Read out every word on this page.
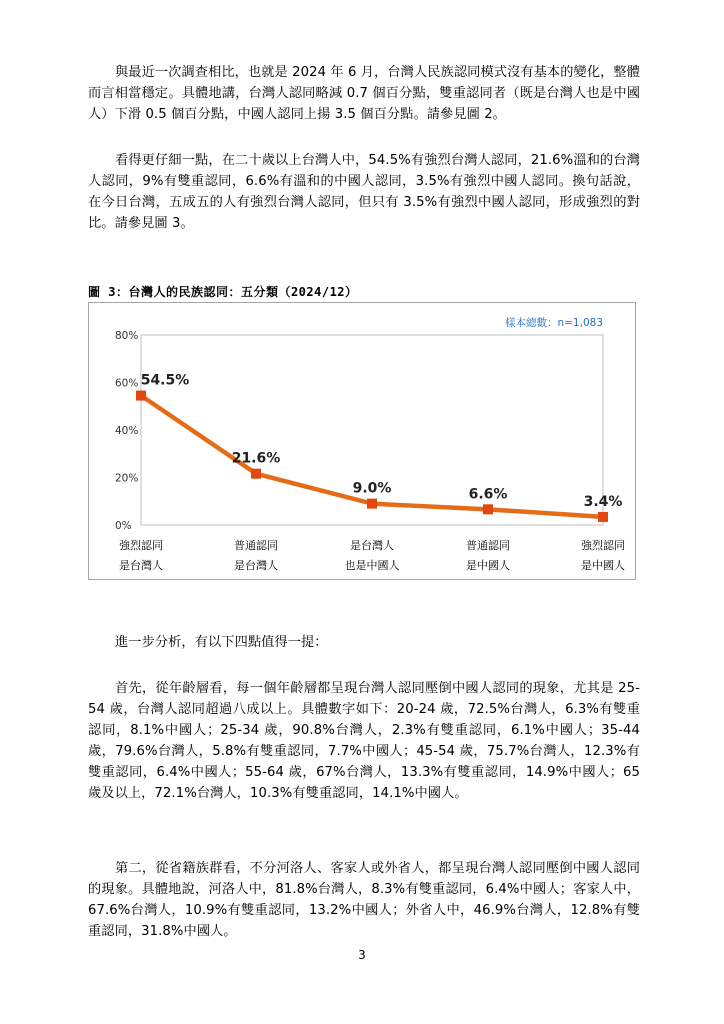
與最近一次調查相比，也就是 2024 年 6 月，台灣人民族認同模式沒有基本的變化，整體而言相當穩定。具體地講，台灣人認同略減 0.7 個百分點，雙重認同者（既是台灣人也是中國人）下滑 0.5 個百分點，中國人認同上揚 3.5 個百分點。請參見圖 2。

看得更仔細一點，在二十歲以上台灣人中，54.5%有強烈台灣人認同，21.6%溫和的台灣人認同，9%有雙重認同，6.6%有溫和的中國人認同，3.5%有強烈中國人認同。換句話說，在今日台灣，五成五的人有強烈台灣人認同，但只有 3.5%有強烈中國人認同，形成強烈的對比。請參見圖 3。

圖 3：台灣人的民族認同：五分類（2024/12）
樣本總數：n=1,083
0%
20%
40%
60%
80%
54.5%
21.6%
9.0%	6.6%	3.4%
強烈認同
是台灣人
普通認同
是台灣人
是台灣人
也是中國人
普通認同
是中國人
強烈認同
是中國人

進一步分析，有以下四點值得一提：

首先，從年齡層看，每一個年齡層都呈現台灣人認同壓倒中國人認同的現象，尤其是 25-54 歲，台灣人認同超過八成以上。具體數字如下：20-24 歲，72.5%台灣人，6.3%有雙重認同，8.1%中國人；25-34 歲，90.8%台灣人，2.3%有雙重認同，6.1%中國人；35-44 歲，79.6%台灣人，5.8%有雙重認同，7.7%中國人；45-54 歲，75.7%台灣人，12.3%有雙重認同，6.4%中國人；55-64 歲，67%台灣人，13.3%有雙重認同，14.9%中國人；65 歲及以上，72.1%台灣人，10.3%有雙重認同，14.1%中國人。

第二，從省籍族群看，不分河洛人、客家人或外省人，都呈現台灣人認同壓倒中國人認同的現象。具體地說，河洛人中，81.8%台灣人，8.3%有雙重認同，6.4%中國人；客家人中，67.6%台灣人，10.9%有雙重認同，13.2%中國人；外省人中，46.9%台灣人，12.8%有雙重認同，31.8%中國人。

3
